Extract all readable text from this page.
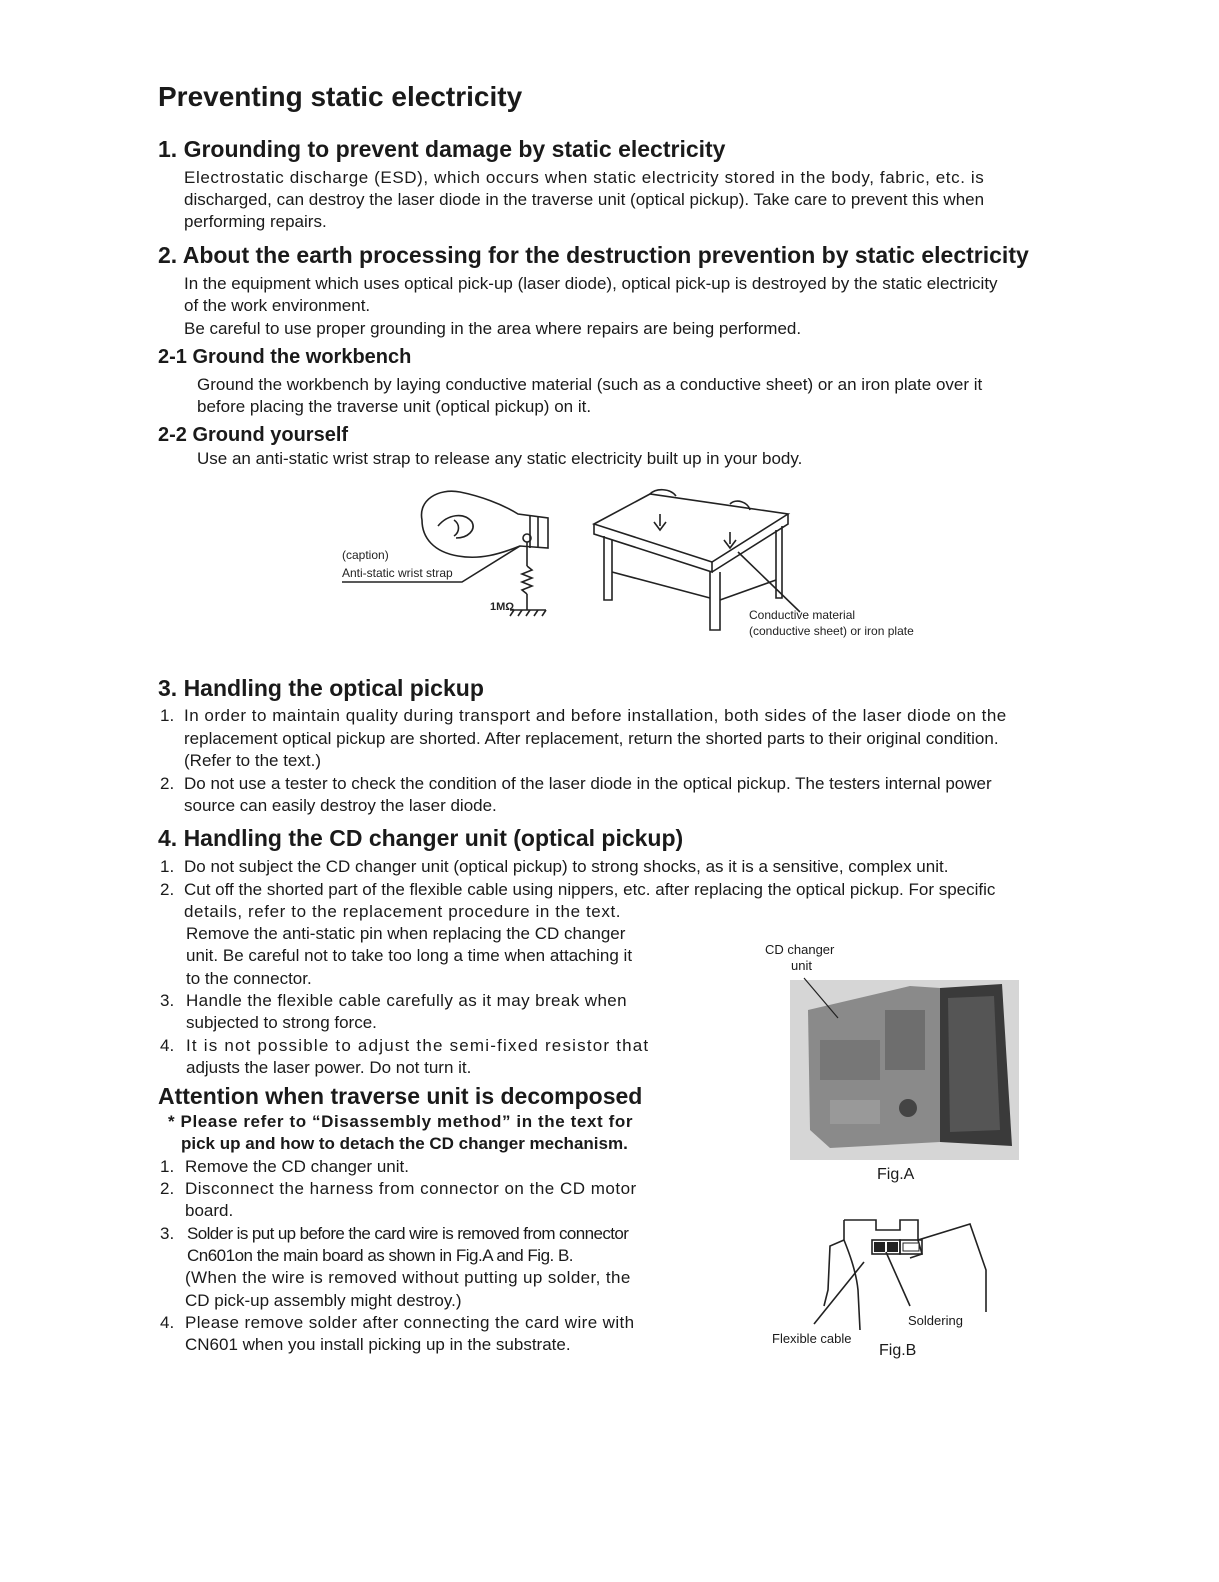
Preventing static electricity
1. Grounding to prevent damage by static electricity
Electrostatic discharge (ESD), which occurs when static electricity stored in the body, fabric, etc. is
discharged, can destroy the laser diode in the traverse unit (optical pickup). Take care to prevent this when
performing repairs.
2. About the earth processing for the destruction prevention by static electricity
In the equipment which uses optical pick-up (laser diode), optical pick-up is destroyed by the static electricity
of the work environment.
Be careful to use proper grounding in the area where repairs are being performed.
2-1 Ground the workbench
Ground the workbench by laying conductive material (such as a conductive sheet) or an iron plate over it
before placing the traverse unit (optical pickup) on it.
2-2 Ground yourself
Use an anti-static wrist strap to release any static electricity built up in your body.
(caption)
Anti-static wrist strap
1MΩ
Conductive material
(conductive sheet) or iron plate
3. Handling the optical pickup
1. In order to maintain quality during transport and before installation, both sides of the laser diode on the
replacement optical pickup are shorted. After replacement, return the shorted parts to their original condition.
(Refer to the text.)
2. Do not use a tester to check the condition of the laser diode in the optical pickup. The testers internal power
source can easily destroy the laser diode.
4. Handling the CD changer unit (optical pickup)
1. Do not subject the CD changer unit (optical pickup) to strong shocks, as it is a sensitive, complex unit.
2. Cut off the shorted part of the flexible cable using nippers, etc. after replacing the optical pickup. For specific
details, refer to the replacement procedure in the text.
Remove the anti-static pin when replacing the CD changer
unit. Be careful not to take too long a time when attaching it
to the connector.
3. Handle the flexible cable carefully as it may break when
subjected to strong force.
4. It is not possible to adjust the semi-fixed resistor that
adjusts the laser power. Do not turn it.
Attention when traverse unit is decomposed
* Please refer to “Disassembly method” in the text for
pick up and how to detach the CD changer mechanism.
1. Remove the CD changer unit.
2. Disconnect the harness from connector on the CD motor
board.
3. Solder is put up before the card wire is removed from connector
Cn601on the main board as shown in Fig.A and Fig. B.
(When the wire is removed without putting up solder, the
CD pick-up assembly might destroy.)
4. Please remove solder after connecting the card wire with
CN601 when you install picking up in the substrate.
CD changer
unit
Fig.A
Soldering
Flexible cable
Fig.B
